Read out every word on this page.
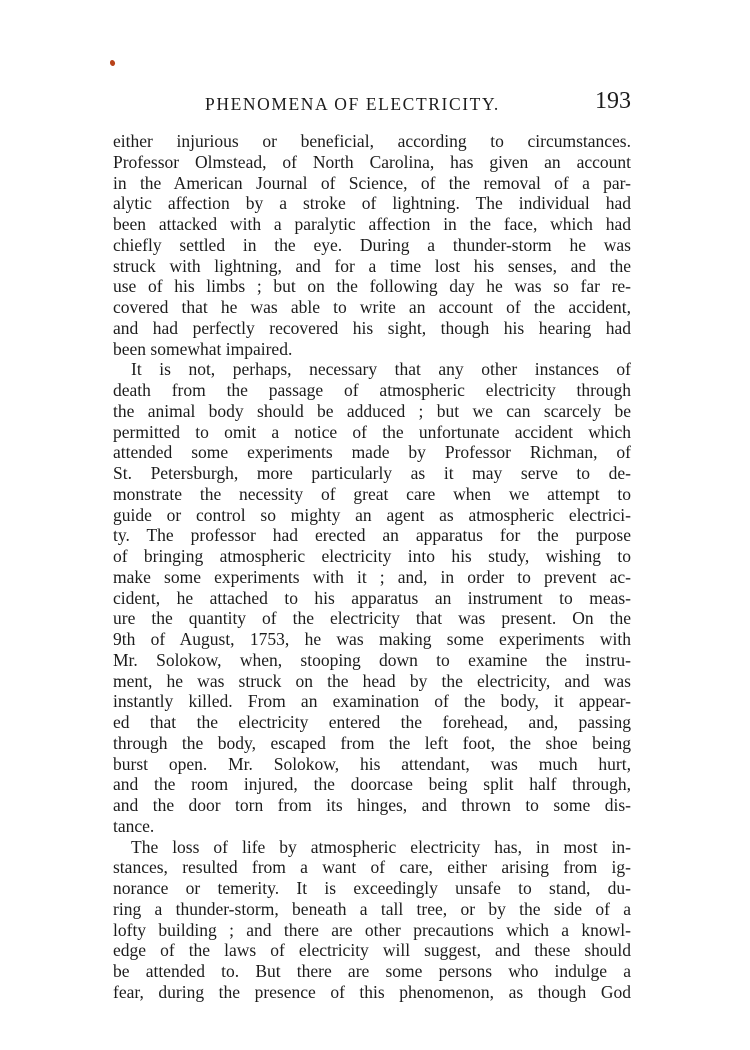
PHENOMENA OF ELECTRICITY.	193
either injurious or beneficial, according to circumstances.
Professor Olmstead, of North Carolina, has given an account
in the American Journal of Science, of the removal of a par-
alytic affection by a stroke of lightning. The individual had
been attacked with a paralytic affection in the face, which had
chiefly settled in the eye. During a thunder-storm he was
struck with lightning, and for a time lost his senses, and the
use of his limbs ; but on the following day he was so far re-
covered that he was able to write an account of the accident,
and had perfectly recovered his sight, though his hearing had
been somewhat impaired.
It is not, perhaps, necessary that any other instances of
death from the passage of atmospheric electricity through
the animal body should be adduced ; but we can scarcely be
permitted to omit a notice of the unfortunate accident which
attended some experiments made by Professor Richman, of
St. Petersburgh, more particularly as it may serve to de-
monstrate the necessity of great care when we attempt to
guide or control so mighty an agent as atmospheric electrici-
ty. The professor had erected an apparatus for the purpose
of bringing atmospheric electricity into his study, wishing to
make some experiments with it ; and, in order to prevent ac-
cident, he attached to his apparatus an instrument to meas-
ure the quantity of the electricity that was present. On the
9th of August, 1753, he was making some experiments with
Mr. Solokow, when, stooping down to examine the instru-
ment, he was struck on the head by the electricity, and was
instantly killed. From an examination of the body, it appear-
ed that the electricity entered the forehead, and, passing
through the body, escaped from the left foot, the shoe being
burst open. Mr. Solokow, his attendant, was much hurt,
and the room injured, the doorcase being split half through,
and the door torn from its hinges, and thrown to some dis-
tance.
The loss of life by atmospheric electricity has, in most in-
stances, resulted from a want of care, either arising from ig-
norance or temerity. It is exceedingly unsafe to stand, du-
ring a thunder-storm, beneath a tall tree, or by the side of a
lofty building ; and there are other precautions which a knowl-
edge of the laws of electricity will suggest, and these should
be attended to. But there are some persons who indulge a
fear, during the presence of this phenomenon, as though God
